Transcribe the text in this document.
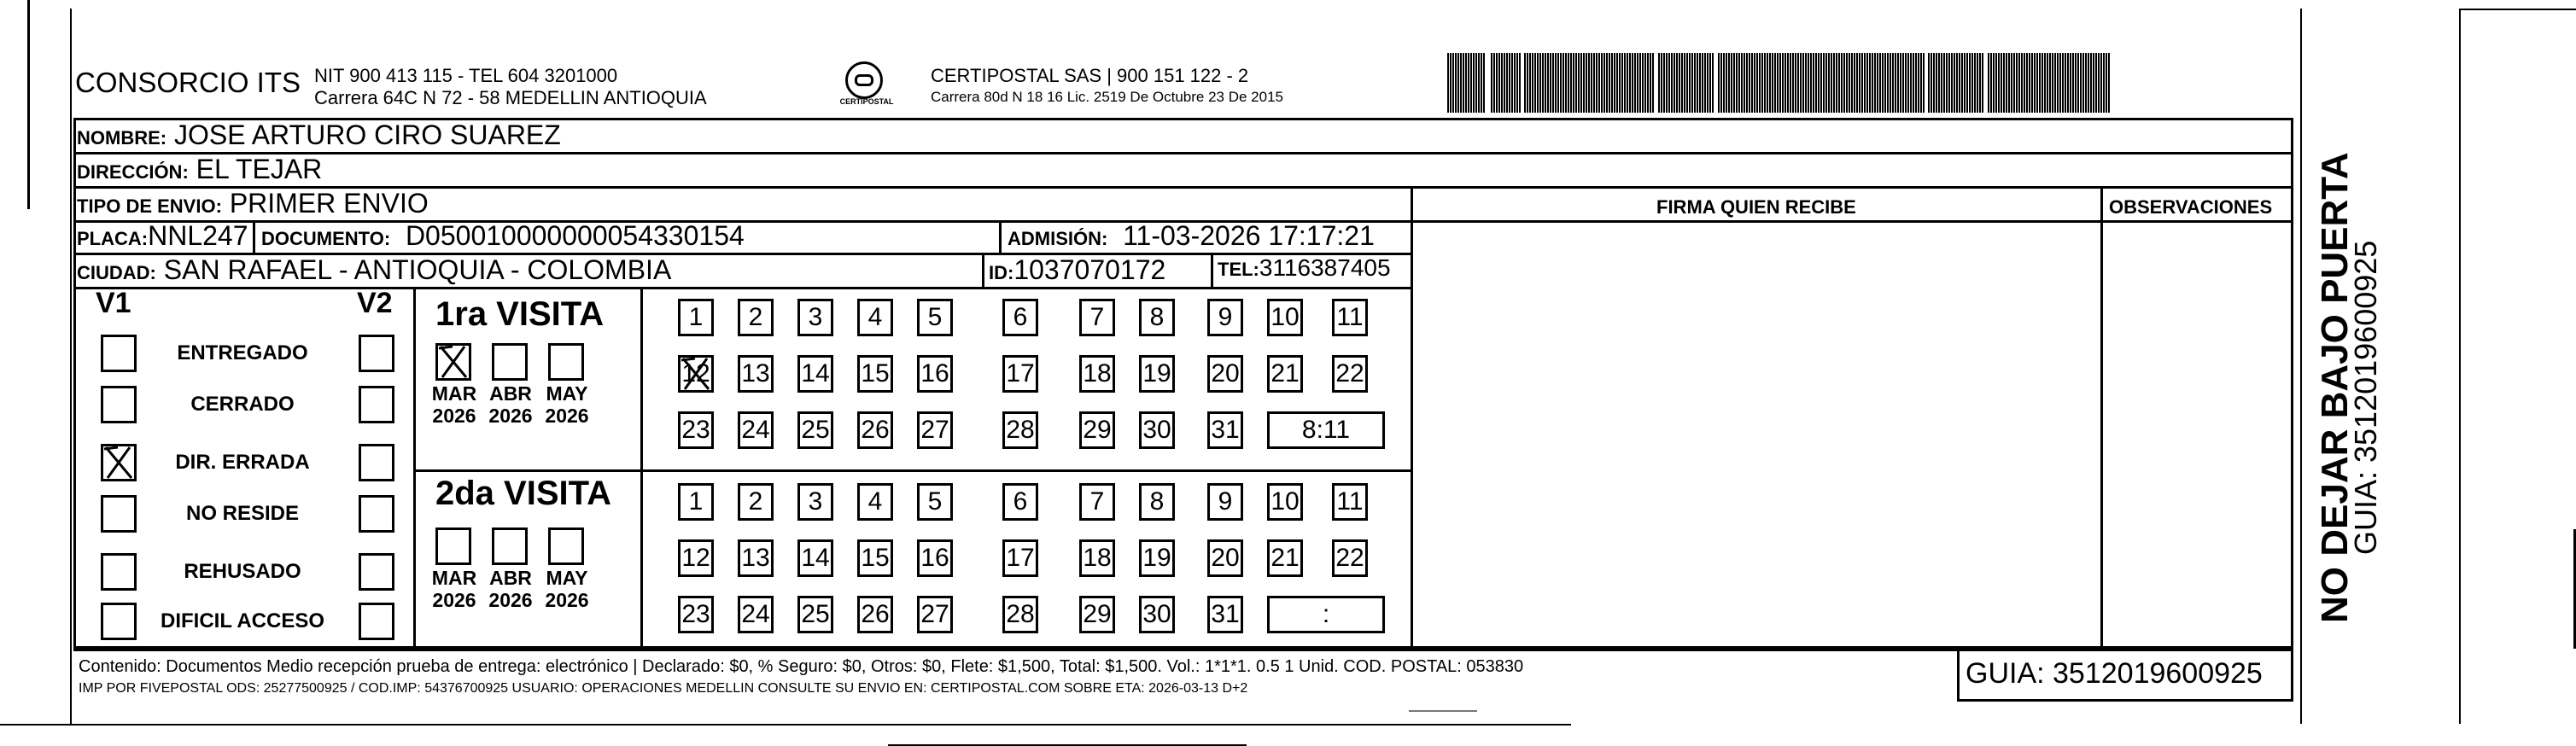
CONSORCIO ITS NIT 900 413 115 - TEL 604 3201000
Carrera 64C N 72 - 58 MEDELLIN ANTIOQUIA	CERTIPOSTAL
CERTIPOSTAL SAS | 900 151 122 - 2
Carrera 80d N 18 16 Lic. 2519 De Octubre 23 De 2015
NOMBRE: JOSE ARTURO CIRO SUAREZ
DIRECCIÓN: EL TEJAR
TIPO DE ENVIO: PRIMER ENVIO	FIRMA QUIEN RECIBE	OBSERVACIONES
PLACA:NNL247 DOCUMENTO: D050010000000054330154	ADMISIÓN: 11-03-2026 17:17:21
CIUDAD: SAN RAFAEL - ANTIOQUIA - COLOMBIA	ID:1037070172	TEL:3116387405
V1	V2
ENTREGADO
CERRADO
DIR. ERRADA
NO RESIDE
REHUSADO
DIFICIL ACCESO
1ra VISITA
2da VISITA
MAR
2026
ABR
2026
MAY
2026
1	2	3	4	5	6	7	8	9	10 11
12 13 14 15 16 17 18 19 20 21 22
23 24 25 26 27 28 29 30 31	8:11
MAR
2026
ABR
2026
MAY
2026
1	2	3	4	5	6	7	8	9	10 11
12 13 14 15 16 17 18 19 20 21 22
23 24 25 26 27 28 29 30 31	:
Contenido: Documentos Medio recepción prueba de entrega: electrónico | Declarado: $0, % Seguro: $0, Otros: $0, Flete: $1,500, Total: $1,500. Vol.: 1*1*1. 0.5 1 Unid. COD. POSTAL: 053830
IMP POR FIVEPOSTAL ODS: 25277500925 / COD.IMP: 54376700925 USUARIO: OPERACIONES MEDELLIN CONSULTE SU ENVIO EN: CERTIPOSTAL.COM SOBRE ETA: 2026-03-13 D+2	GUIA: 3512019600925
NO DEJAR BAJO PUERTA
GUIA: 3512019600925
